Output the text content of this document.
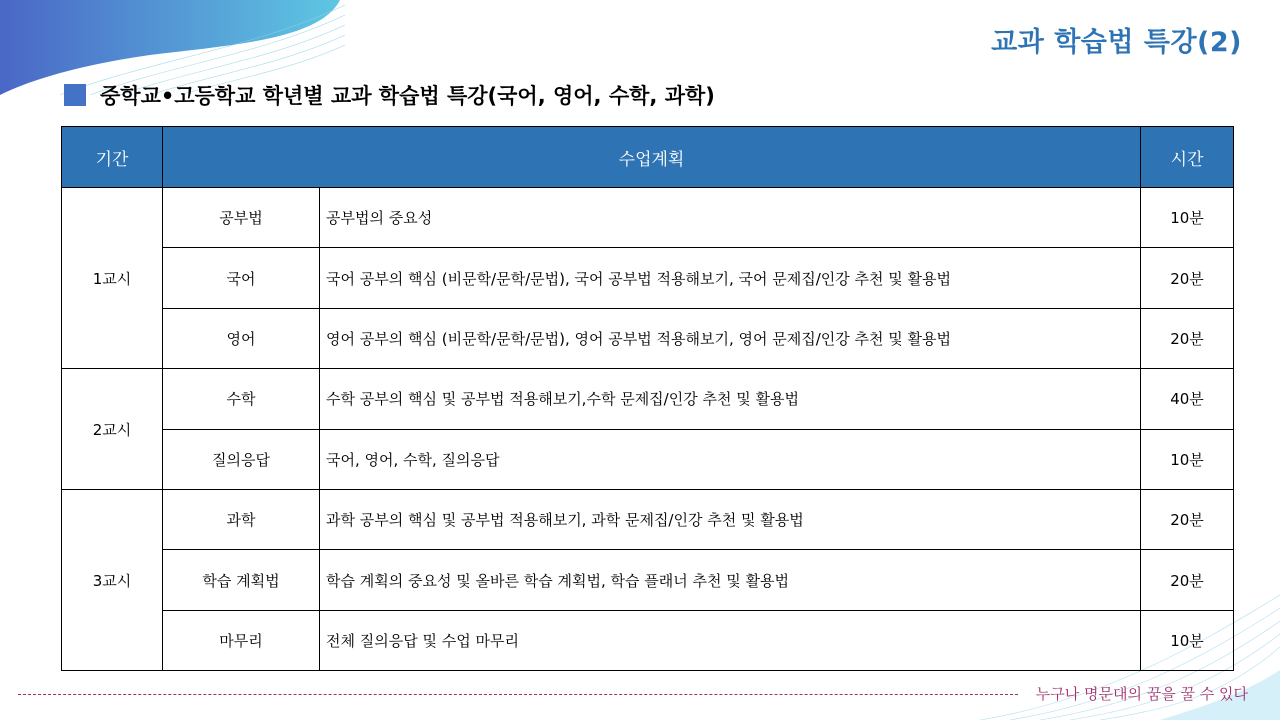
교과 학습법 특강(2)
중학교•고등학교 학년별 교과 학습법 특강(국어, 영어, 수학, 과학)
기간	수업계획		시간
1교시	공부법	공부법의 중요성	10분
	국어	국어 공부의 핵심 (비문학/문학/문법), 국어 공부법 적용해보기, 국어 문제집/인강 추천 및 활용법	20분
	영어	영어 공부의 핵심 (비문학/문학/문법), 영어 공부법 적용해보기, 영어 문제집/인강 추천 및 활용법	20분
2교시	수학	수학 공부의 핵심 및 공부법 적용해보기,수학 문제집/인강 추천 및 활용법	40분
	질의응답	국어, 영어, 수학, 질의응답	10분
3교시	과학	과학 공부의 핵심 및 공부법 적용해보기, 과학 문제집/인강 추천 및 활용법	20분
	학습 계획법	학습 계획의 중요성 및 올바른 학습 계획법, 학습 플래너 추천 및 활용법	20분
	마무리	전체 질의응답 및 수업 마무리	10분
누구나 명문대의 꿈을 꿀 수 있다
